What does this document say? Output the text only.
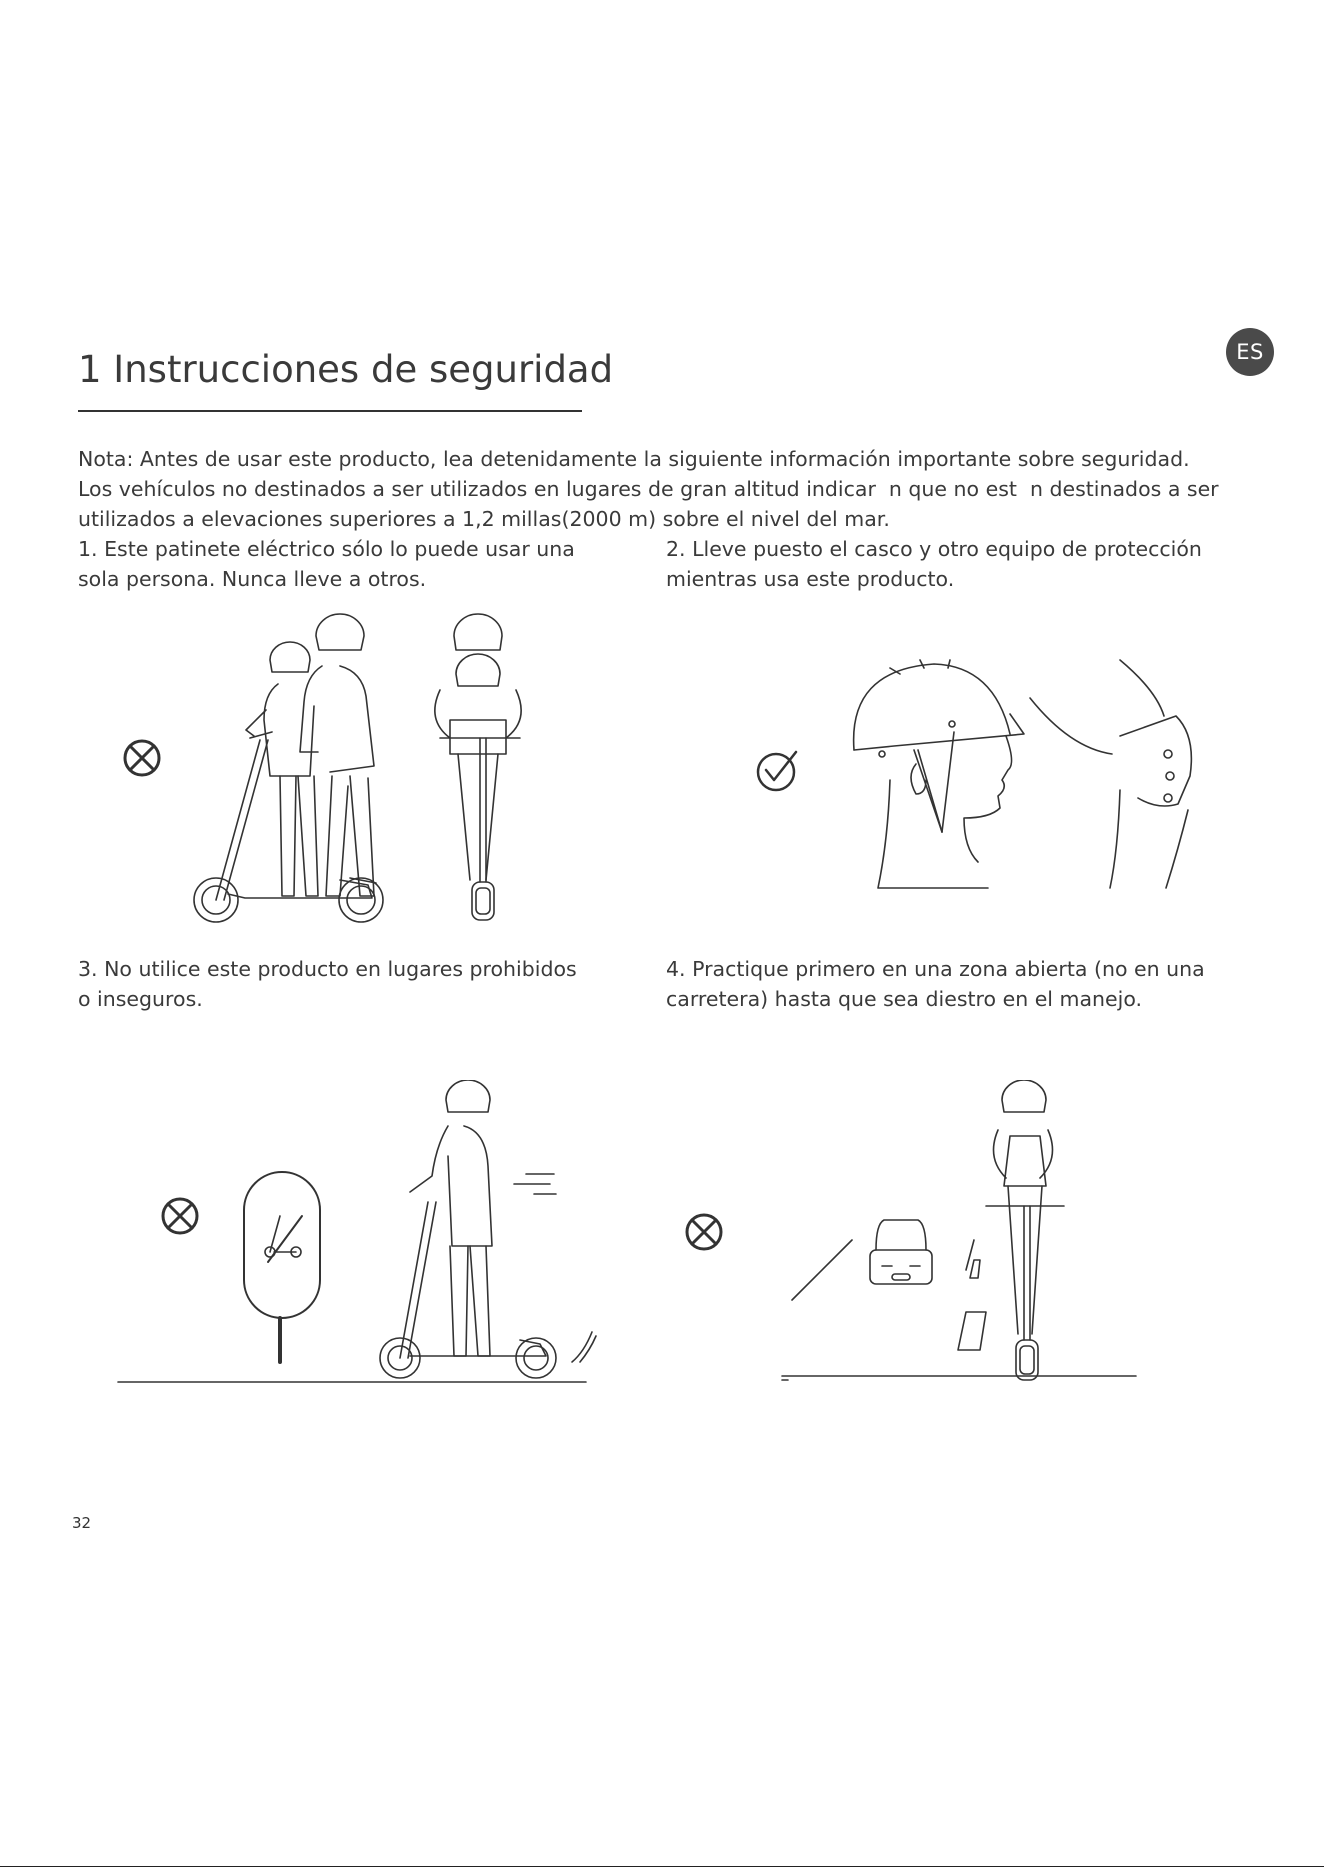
ES
1 Instrucciones de seguridad

Nota: Antes de usar este producto, lea detenidamente la siguiente información importante sobre seguridad.

Los vehículos no destinados a ser utilizados en lugares de gran altitud indicar  n que no est  n destinados a ser

utilizados a elevaciones superiores a 1,2 millas(2000 m) sobre el nivel del mar.

1. Este patinete eléctrico sólo lo puede usar una

sola persona. Nunca lleve a otros.

2. Lleve puesto el casco y otro equipo de protección

mientras usa este producto.

3. No utilice este producto en lugares prohibidos

o inseguros.

4. Practique primero en una zona abierta (no en una

carretera) hasta que sea diestro en el manejo.

32
